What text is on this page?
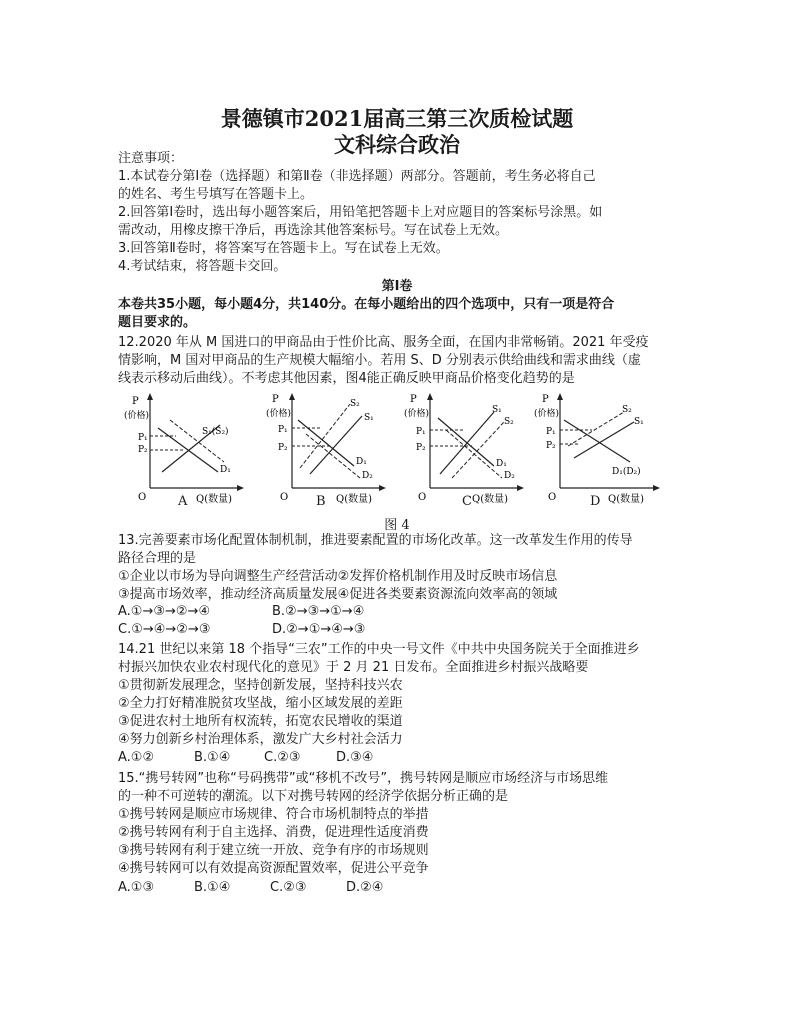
景德镇市2021届高三第三次质检试题
文科综合政治
注意事项：
1.本试卷分第Ⅰ卷（选择题）和第Ⅱ卷（非选择题）两部分。答题前，考生务必将自己
的姓名、考生号填写在答题卡上。
2.回答第Ⅰ卷时，选出每小题答案后，用铅笔把答题卡上对应题目的答案标号涂黑。如
需改动，用橡皮擦干净后，再选涂其他答案标号。写在试卷上无效。
3.回答第Ⅱ卷时，将答案写在答题卡上。写在试卷上无效。
4.考试结束，将答题卡交回。
第Ⅰ卷
本卷共35小题，每小题4分，共140分。在每小题给出的四个选项中，只有一项是符合
题目要求的。
12.2020 年从 M 国进口的甲商品由于性价比高、服务全面，在国内非常畅销。2021 年受疫
情影响，M 国对甲商品的生产规模大幅缩小。若用 S、D 分别表示供给曲线和需求曲线（虚
线表示移动后曲线）。不考虑其他因素，图4能正确反映甲商品价格变化趋势的是
P
(价格)
P₁
P₂
S₁(S₂)
D₁
O	Q(数量)
P
(价格)
P₁
P₂
S₂
S₁
D₁
D₂
O	Q(数量)
P
(价格)
P₁
P₂
S₁
S₂
D₁
D₂
O	Q(数量)
P
(价格)
P₁
P₂
S₂
S₁
D₁(D₂)
O	Q(数量)
A	B	C	D
图 4
13.完善要素市场化配置体制机制，推进要素配置的市场化改革。这一改革发生作用的传导
路径合理的是
①企业以市场为导向调整生产经营活动②发挥价格机制作用及时反映市场信息
③提高市场效率，推动经济高质量发展④促进各类要素资源流向效率高的领域
A.①→③→②→④	B.②→③→①→④
C.①→④→②→③	D.②→①→④→③
14.21 世纪以来第 18 个指导“三农”工作的中央一号文件《中共中央国务院关于全面推进乡
村振兴加快农业农村现代化的意见》于 2 月 21 日发布。全面推进乡村振兴战略要
①贯彻新发展理念，坚持创新发展，坚持科技兴农
②全力打好精准脱贫攻坚战，缩小区域发展的差距
③促进农村土地所有权流转，拓宽农民增收的渠道
④努力创新乡村治理体系，激发广大乡村社会活力
A.①②	B.①④	C.②③	D.③④
15.“携号转网”也称“号码携带”或“移机不改号”，携号转网是顺应市场经济与市场思维
的一种不可逆转的潮流。以下对携号转网的经济学依据分析正确的是
①携号转网是顺应市场规律、符合市场机制特点的举措
②携号转网有利于自主选择、消费，促进理性适度消费
③携号转网有利于建立统一开放、竞争有序的市场规则
④携号转网可以有效提高资源配置效率，促进公平竞争
A.①③	B.①④	C.②③	D.②④
